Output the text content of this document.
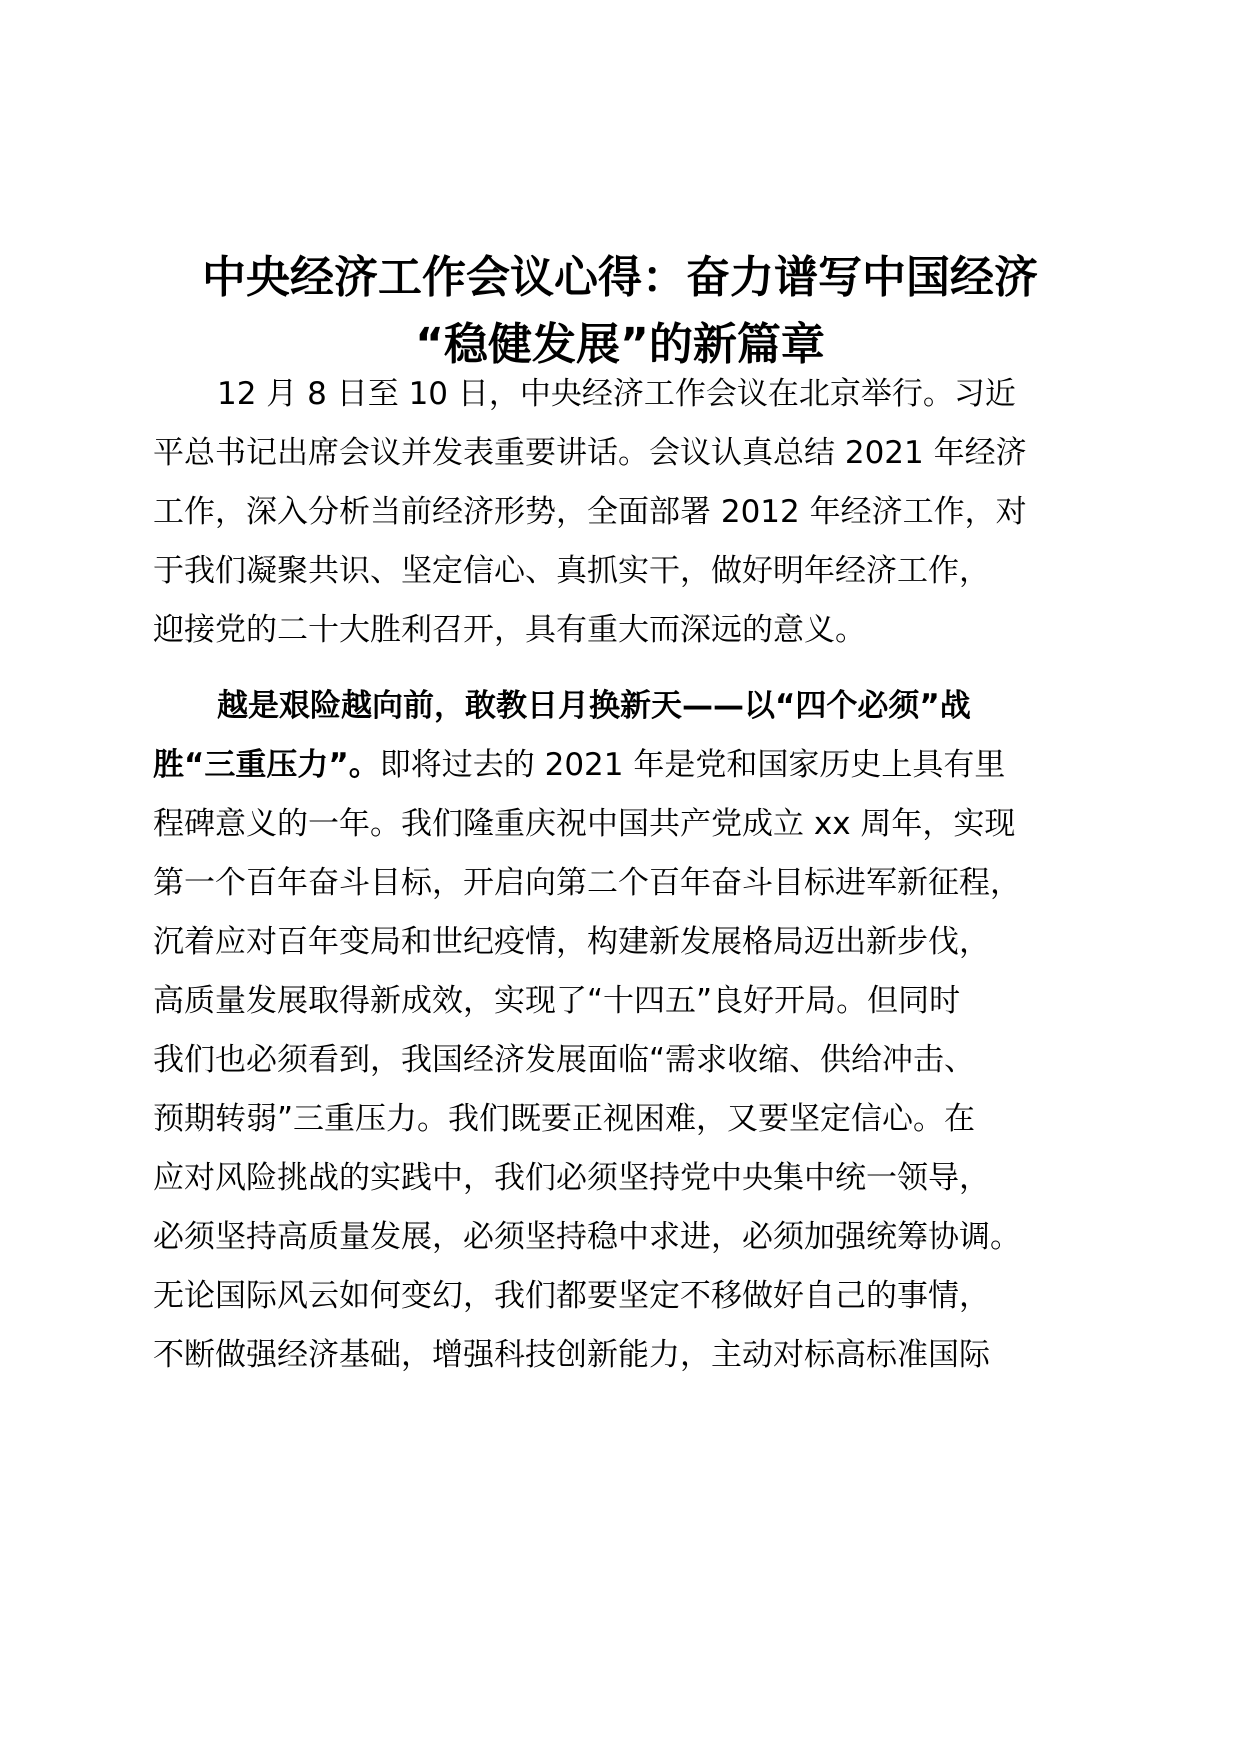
中央经济工作会议心得：奋力谱写中国经济
“稳健发展”的新篇章
12 月 8 日至 10 日，中央经济工作会议在北京举行。习近
平总书记出席会议并发表重要讲话。会议认真总结 2021 年经济
工作，深入分析当前经济形势，全面部署 2012 年经济工作，对
于我们凝聚共识、坚定信心、真抓实干，做好明年经济工作，
迎接党的二十大胜利召开，具有重大而深远的意义。
越是艰险越向前，敢教日月换新天——以“四个必须”战
胜“三重压力”。即将过去的 2021 年是党和国家历史上具有里
程碑意义的一年。我们隆重庆祝中国共产党成立 xx 周年，实现
第一个百年奋斗目标，开启向第二个百年奋斗目标进军新征程，
沉着应对百年变局和世纪疫情，构建新发展格局迈出新步伐，
高质量发展取得新成效，实现了“十四五”良好开局。但同时
我们也必须看到，我国经济发展面临“需求收缩、供给冲击、
预期转弱”三重压力。我们既要正视困难，又要坚定信心。在
应对风险挑战的实践中，我们必须坚持党中央集中统一领导，
必须坚持高质量发展，必须坚持稳中求进，必须加强统筹协调。
无论国际风云如何变幻，我们都要坚定不移做好自己的事情，
不断做强经济基础，增强科技创新能力，主动对标高标准国际
